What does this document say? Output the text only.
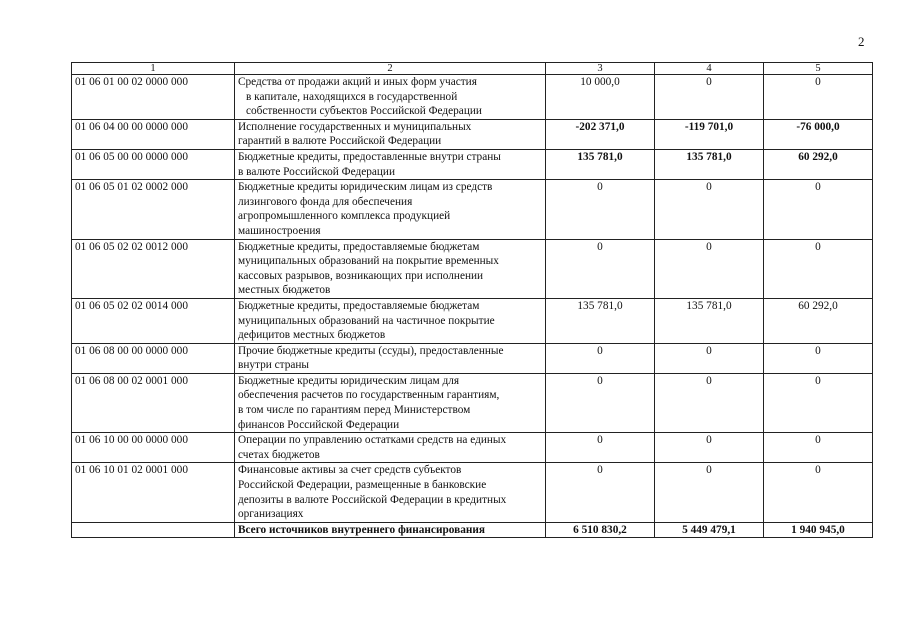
2
1	2	3	4	5
01 06 01 00 02 0000 000	Средства от продажи акций и иных форм участия
в капитале, находящихся в государственной
собственности субъектов Российской Федерации	10 000,0	0	0
01 06 04 00 00 0000 000	Исполнение государственных и муниципальных
гарантий в валюте Российской Федерации	-202 371,0	-119 701,0	-76 000,0
01 06 05 00 00 0000 000	Бюджетные кредиты, предоставленные внутри страны
в валюте Российской Федерации	135 781,0	135 781,0	60 292,0
01 06 05 01 02 0002 000	Бюджетные кредиты юридическим лицам из средств
лизингового фонда для обеспечения
агропромышленного комплекса продукцией
машиностроения	0	0	0
01 06 05 02 02 0012 000	Бюджетные кредиты, предоставляемые бюджетам
муниципальных образований на покрытие временных
кассовых разрывов, возникающих при исполнении
местных бюджетов	0	0	0
01 06 05 02 02 0014 000	Бюджетные кредиты, предоставляемые бюджетам
муниципальных образований на частичное покрытие
дефицитов местных бюджетов	135 781,0	135 781,0	60 292,0
01 06 08 00 00 0000 000	Прочие бюджетные кредиты (ссуды), предоставленные
внутри страны	0	0	0
01 06 08 00 02 0001 000	Бюджетные кредиты юридическим лицам для
обеспечения расчетов по государственным гарантиям,
в том числе по гарантиям перед Министерством
финансов Российской Федерации	0	0	0
01 06 10 00 00 0000 000	Операции по управлению остатками средств на единых
счетах бюджетов	0	0	0
01 06 10 01 02 0001 000	Финансовые активы за счет средств субъектов
Российской Федерации, размещенные в банковские
депозиты в валюте Российской Федерации в кредитных
организациях	0	0	0
	Всего источников внутреннего финансирования	6 510 830,2	5 449 479,1	1 940 945,0
